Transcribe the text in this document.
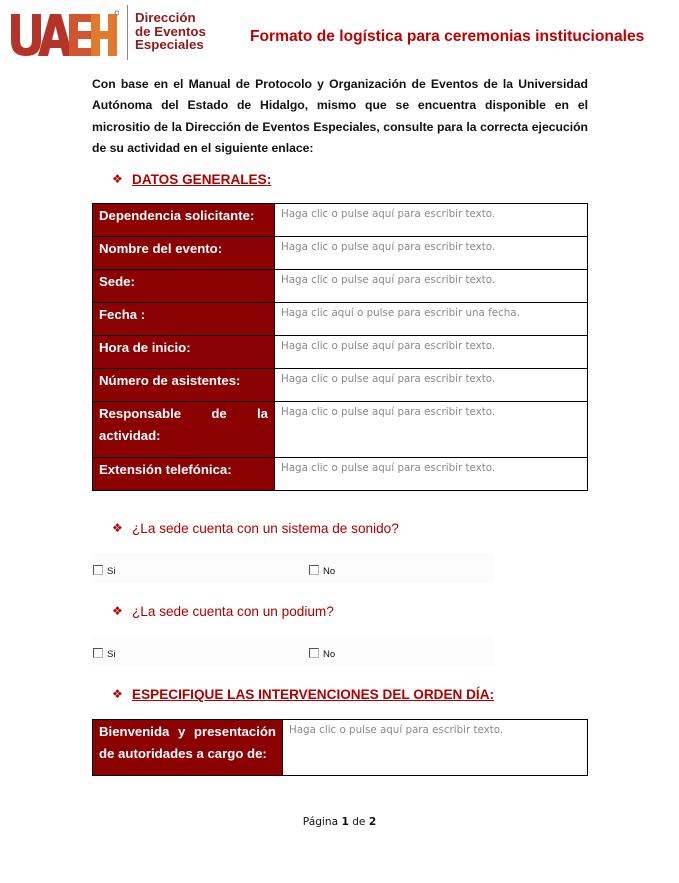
Dirección
de Eventos
Especiales	Formato de logística para ceremonias institucionales

Con base en el Manual de Protocolo y Organización de Eventos de la Universidad Autónoma del Estado de Hidalgo, mismo que se encuentra disponible en el micrositio de la Dirección de Eventos Especiales, consulte para la correcta ejecución de su actividad en el siguiente enlace:

❖ DATOS GENERALES:
Dependencia solicitante:	Haga clic o pulse aquí para escribir texto.
Nombre del evento:	Haga clic o pulse aquí para escribir texto.
Sede:	Haga clic o pulse aquí para escribir texto.
Fecha :	Haga clic aquí o pulse para escribir una fecha.
Hora de inicio:	Haga clic o pulse aquí para escribir texto.
Número de asistentes:	Haga clic o pulse aquí para escribir texto.
Responsable de la actividad:	Haga clic o pulse aquí para escribir texto.
Extensión telefónica:	Haga clic o pulse aquí para escribir texto.
❖ ¿La sede cuenta con un sistema de sonido?
Si	No
❖ ¿La sede cuenta con un podium?
Si	No
❖ ESPECIFIQUE LAS INTERVENCIONES DEL ORDEN DÍA:
Bienvenida y presentación de autoridades a cargo de:	Haga clic o pulse aquí para escribir texto.
Página 1 de 2
